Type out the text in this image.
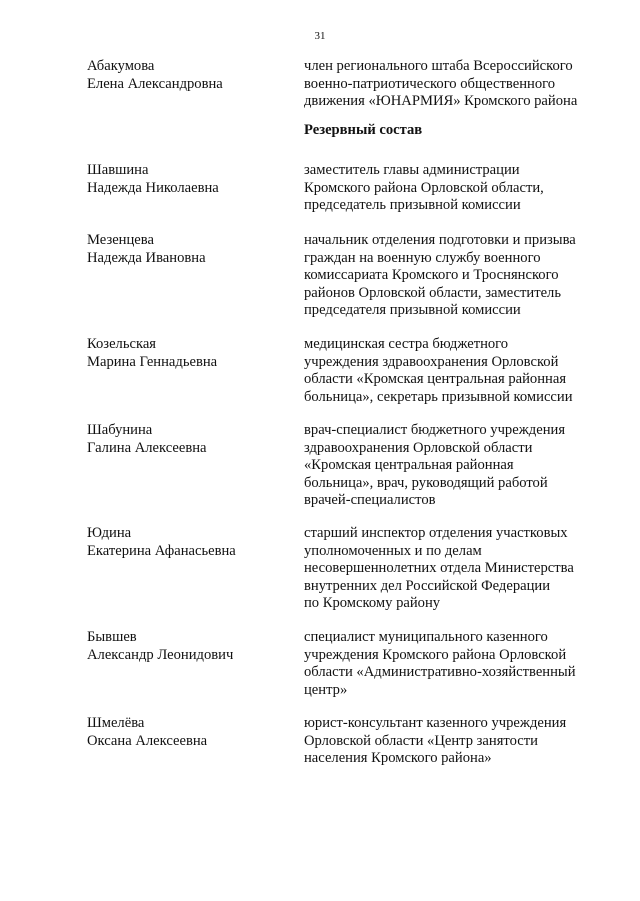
31
Абакумова
Елена Александровна
член регионального штаба Всероссийского
военно-патриотического общественного
движения «ЮНАРМИЯ» Кромского района
Резервный состав
Шавшина
Надежда Николаевна
заместитель главы администрации
Кромского района Орловской области,
председатель призывной комиссии
Мезенцева
Надежда Ивановна
начальник отделения подготовки и призыва
граждан на военную службу военного
комиссариата Кромского и Троснянского
районов Орловской области, заместитель
председателя призывной комиссии
Козельская
Марина Геннадьевна
медицинская сестра бюджетного
учреждения здравоохранения Орловской
области «Кромская центральная районная
больница», секретарь призывной комиссии
Шабунина
Галина Алексеевна
врач-специалист бюджетного учреждения
здравоохранения Орловской области
«Кромская центральная районная
больница», врач, руководящий работой
врачей-специалистов
Юдина
Екатерина Афанасьевна
старший инспектор отделения участковых
уполномоченных и по делам
несовершеннолетних отдела Министерства
внутренних дел Российской Федерации
по Кромскому району
Бывшев
Александр Леонидович
специалист муниципального казенного
учреждения Кромского района Орловской
области «Административно-хозяйственный
центр»
Шмелёва
Оксана Алексеевна
юрист-консультант казенного учреждения
Орловской области «Центр занятости
населения Кромского района»
